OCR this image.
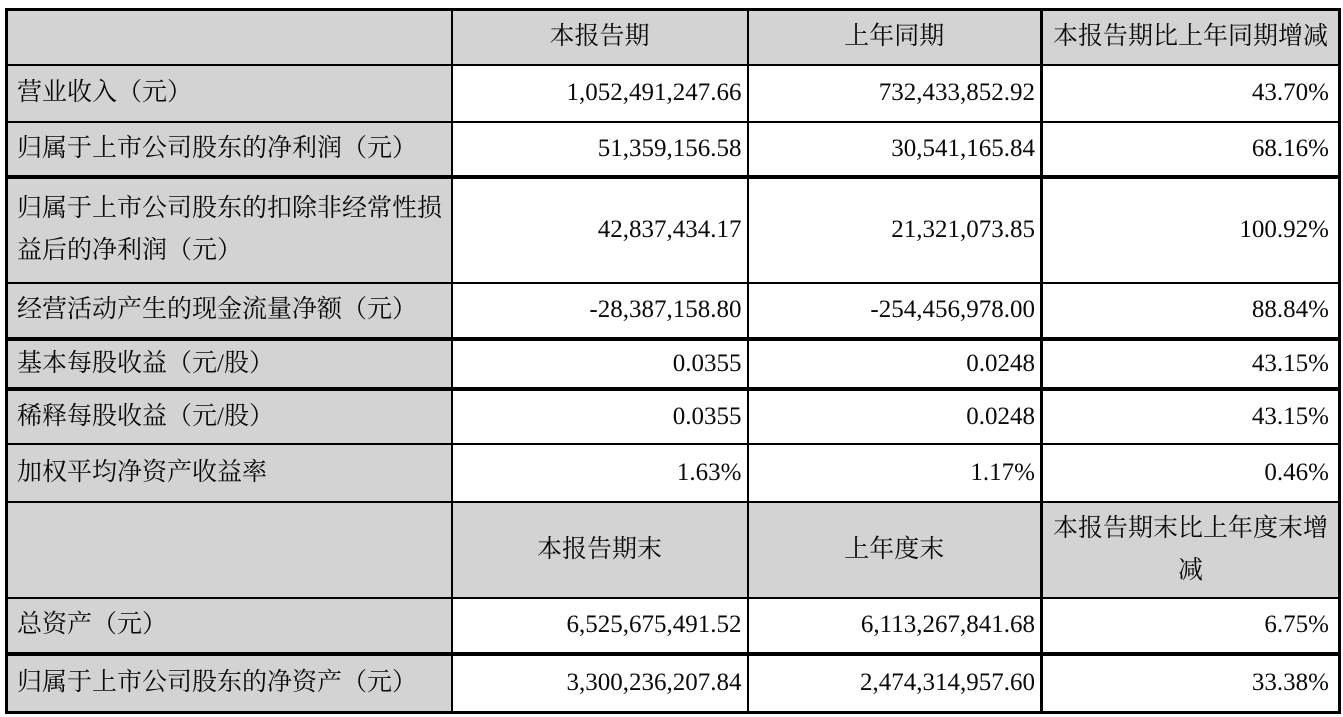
	本报告期	上年同期	本报告期比上年同期增减
营业收入（元）	1,052,491,247.66	732,433,852.92	43.70%
归属于上市公司股东的净利润（元）	51,359,156.58	30,541,165.84	68.16%
归属于上市公司股东的扣除非经常性损益后的净利润（元）	42,837,434.17	21,321,073.85	100.92%
经营活动产生的现金流量净额（元）	-28,387,158.80	-254,456,978.00	88.84%
基本每股收益（元/股）	0.0355	0.0248	43.15%
稀释每股收益（元/股）	0.0355	0.0248	43.15%
加权平均净资产收益率	1.63%	1.17%	0.46%
	本报告期末	上年度末	本报告期末比上年度末增减
总资产（元）	6,525,675,491.52	6,113,267,841.68	6.75%
归属于上市公司股东的净资产（元）	3,300,236,207.84	2,474,314,957.60	33.38%
